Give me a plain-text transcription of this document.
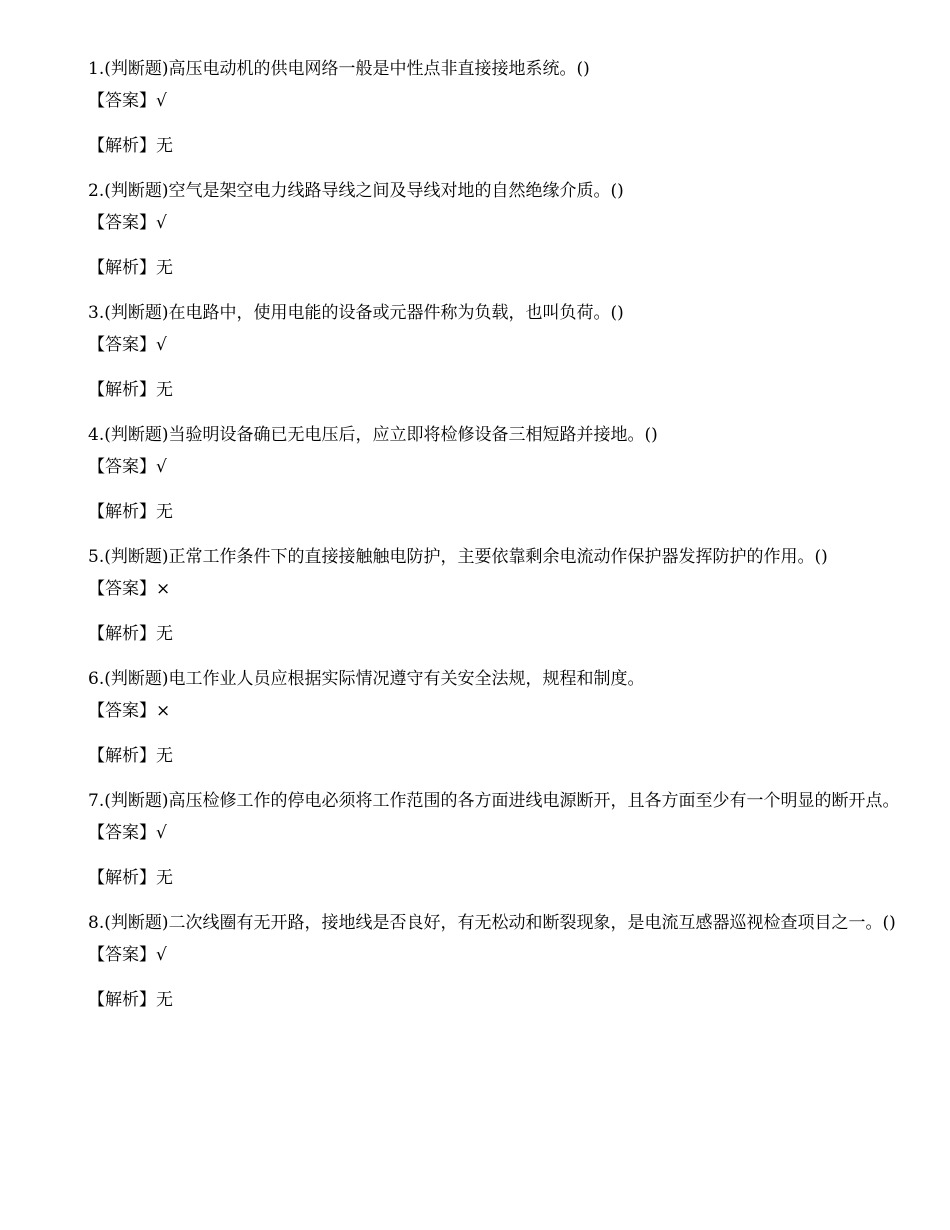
1.(判断题)高压电动机的供电网络一般是中性点非直接接地系统。()

【答案】√

【解析】无

2.(判断题)空气是架空电力线路导线之间及导线对地的自然绝缘介质。()

【答案】√

【解析】无

3.(判断题)在电路中，使用电能的设备或元器件称为负载，也叫负荷。()

【答案】√

【解析】无

4.(判断题)当验明设备确已无电压后，应立即将检修设备三相短路并接地。()

【答案】√

【解析】无

5.(判断题)正常工作条件下的直接接触触电防护，主要依靠剩余电流动作保护器发挥防护的作用。()

【答案】×

【解析】无

6.(判断题)电工作业人员应根据实际情况遵守有关安全法规，规程和制度。

【答案】×

【解析】无

7.(判断题)高压检修工作的停电必须将工作范围的各方面进线电源断开，且各方面至少有一个明显的断开点。

【答案】√

【解析】无

8.(判断题)二次线圈有无开路，接地线是否良好，有无松动和断裂现象，是电流互感器巡视检查项目之一。()

【答案】√

【解析】无
